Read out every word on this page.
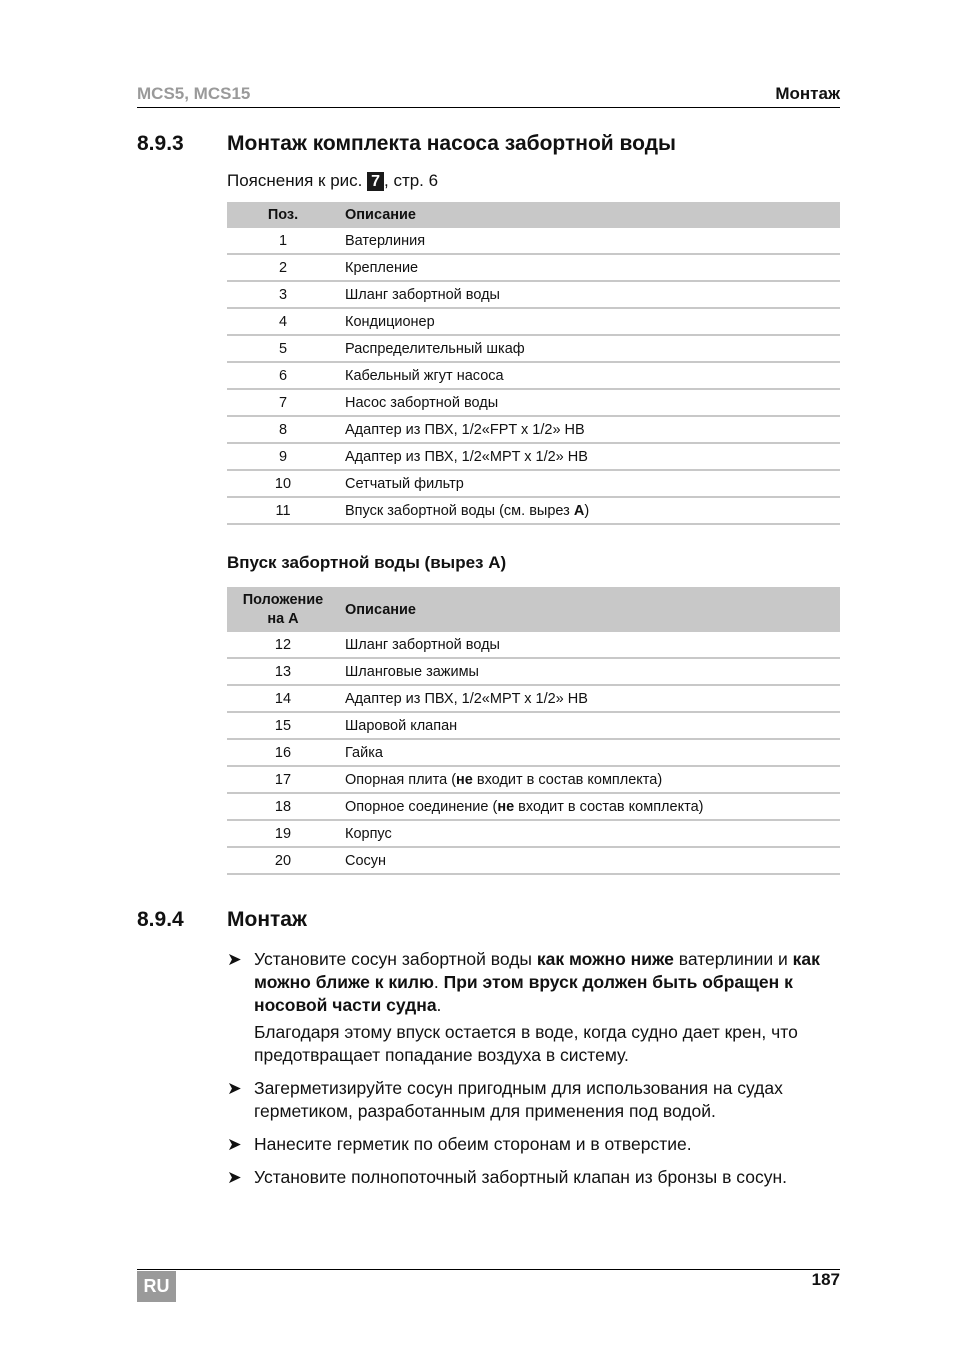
MCS5, MCS15	Монтаж
8.9.3 Монтаж комплекта насоса забортной воды
Пояснения к рис. 7 , стр. 6
Поз.	Описание
1	Ватерлиния
2	Крепление
3	Шланг забортной воды
4	Кондиционер
5	Распределительный шкаф
6	Кабельный жгут насоса
7	Насос забортной воды
8	Адаптер из ПВХ, 1/2«FPT x 1/2» НВ
9	Адаптер из ПВХ, 1/2«MPT x 1/2» НВ
10	Сетчатый фильтр
11	Впуск забортной воды (см. вырез A)
Впуск забортной воды (вырез A)
Положение
на А	Описание
12	Шланг забортной воды
13	Шланговые зажимы
14	Адаптер из ПВХ, 1/2«MPT x 1/2» НВ
15	Шаровой клапан
16	Гайка
17	Опорная плита (не входит в состав комплекта)
18	Опорное соединение (не входит в состав комплекта)
19	Корпус
20	Сосун
8.9.4 Монтаж
➤ Установите сосун забортной воды как можно ниже ватерлинии и как можно ближе к килю. При этом вруск должен быть обращен к носовой части судна.
Благодаря этому впуск остается в воде, когда судно дает крен, что предотвращает попадание воздуха в систему.
➤ Загерметизируйте сосун пригодным для использования на судах герметиком, разработанным для применения под водой.
➤ Нанесите герметик по обеим сторонам и в отверстие.
➤ Установите полнопоточный забортный клапан из бронзы в сосун.
RU	187
